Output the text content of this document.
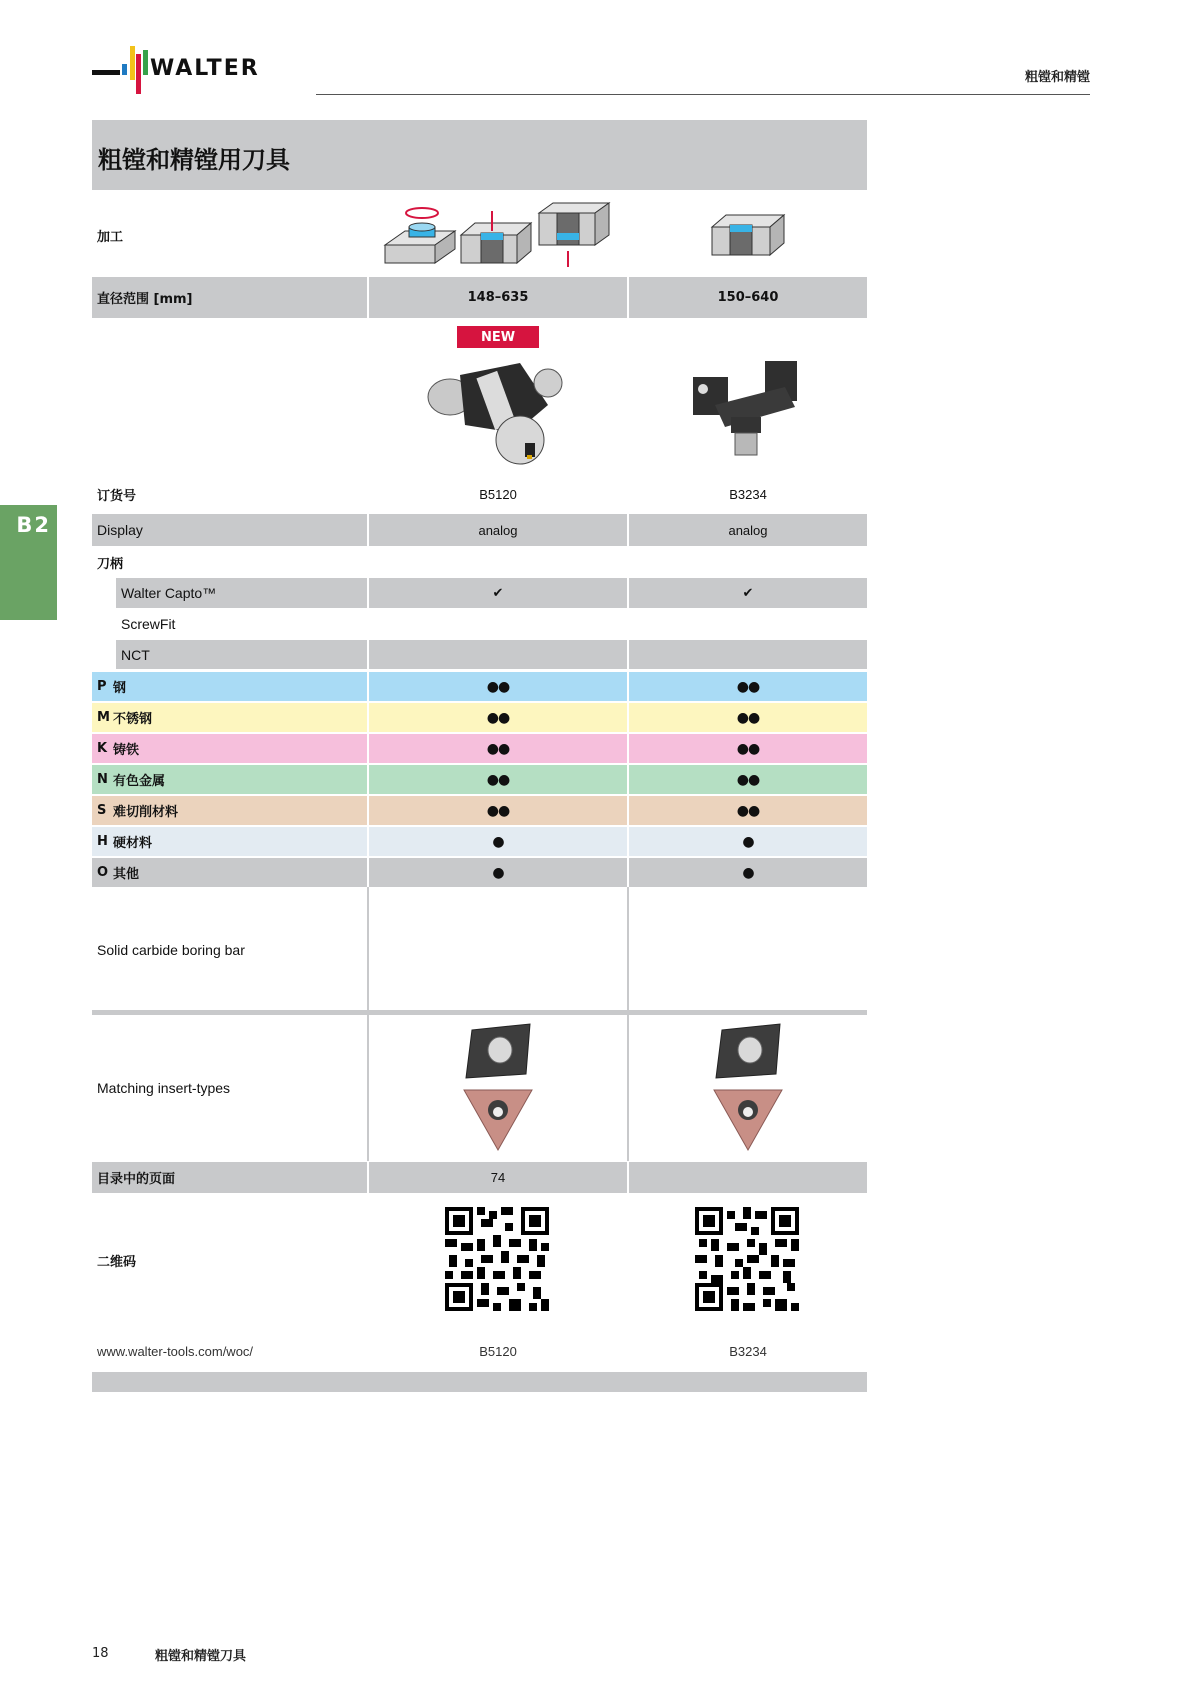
WALTER	粗镗和精镗
B2
粗镗和精镗用刀具
加工
直径范围 [mm]	148–635	150–640
NEW
订货号	B5120	B3234
Display	analog	analog
刀柄
Walter Capto™	✔	✔
ScrewFit
NCT
P 钢	●●	●●
M 不锈钢	●●	●●
K 铸铁	●●	●●
N 有色金属	●●	●●
S 难切削材料	●●	●●
H 硬材料	●	●
O 其他	●	●
Solid carbide boring bar
Matching insert-types
目录中的页面	74
二维码
www.walter-tools.com/woc/	B5120	B3234
18	粗镗和精镗刀具
